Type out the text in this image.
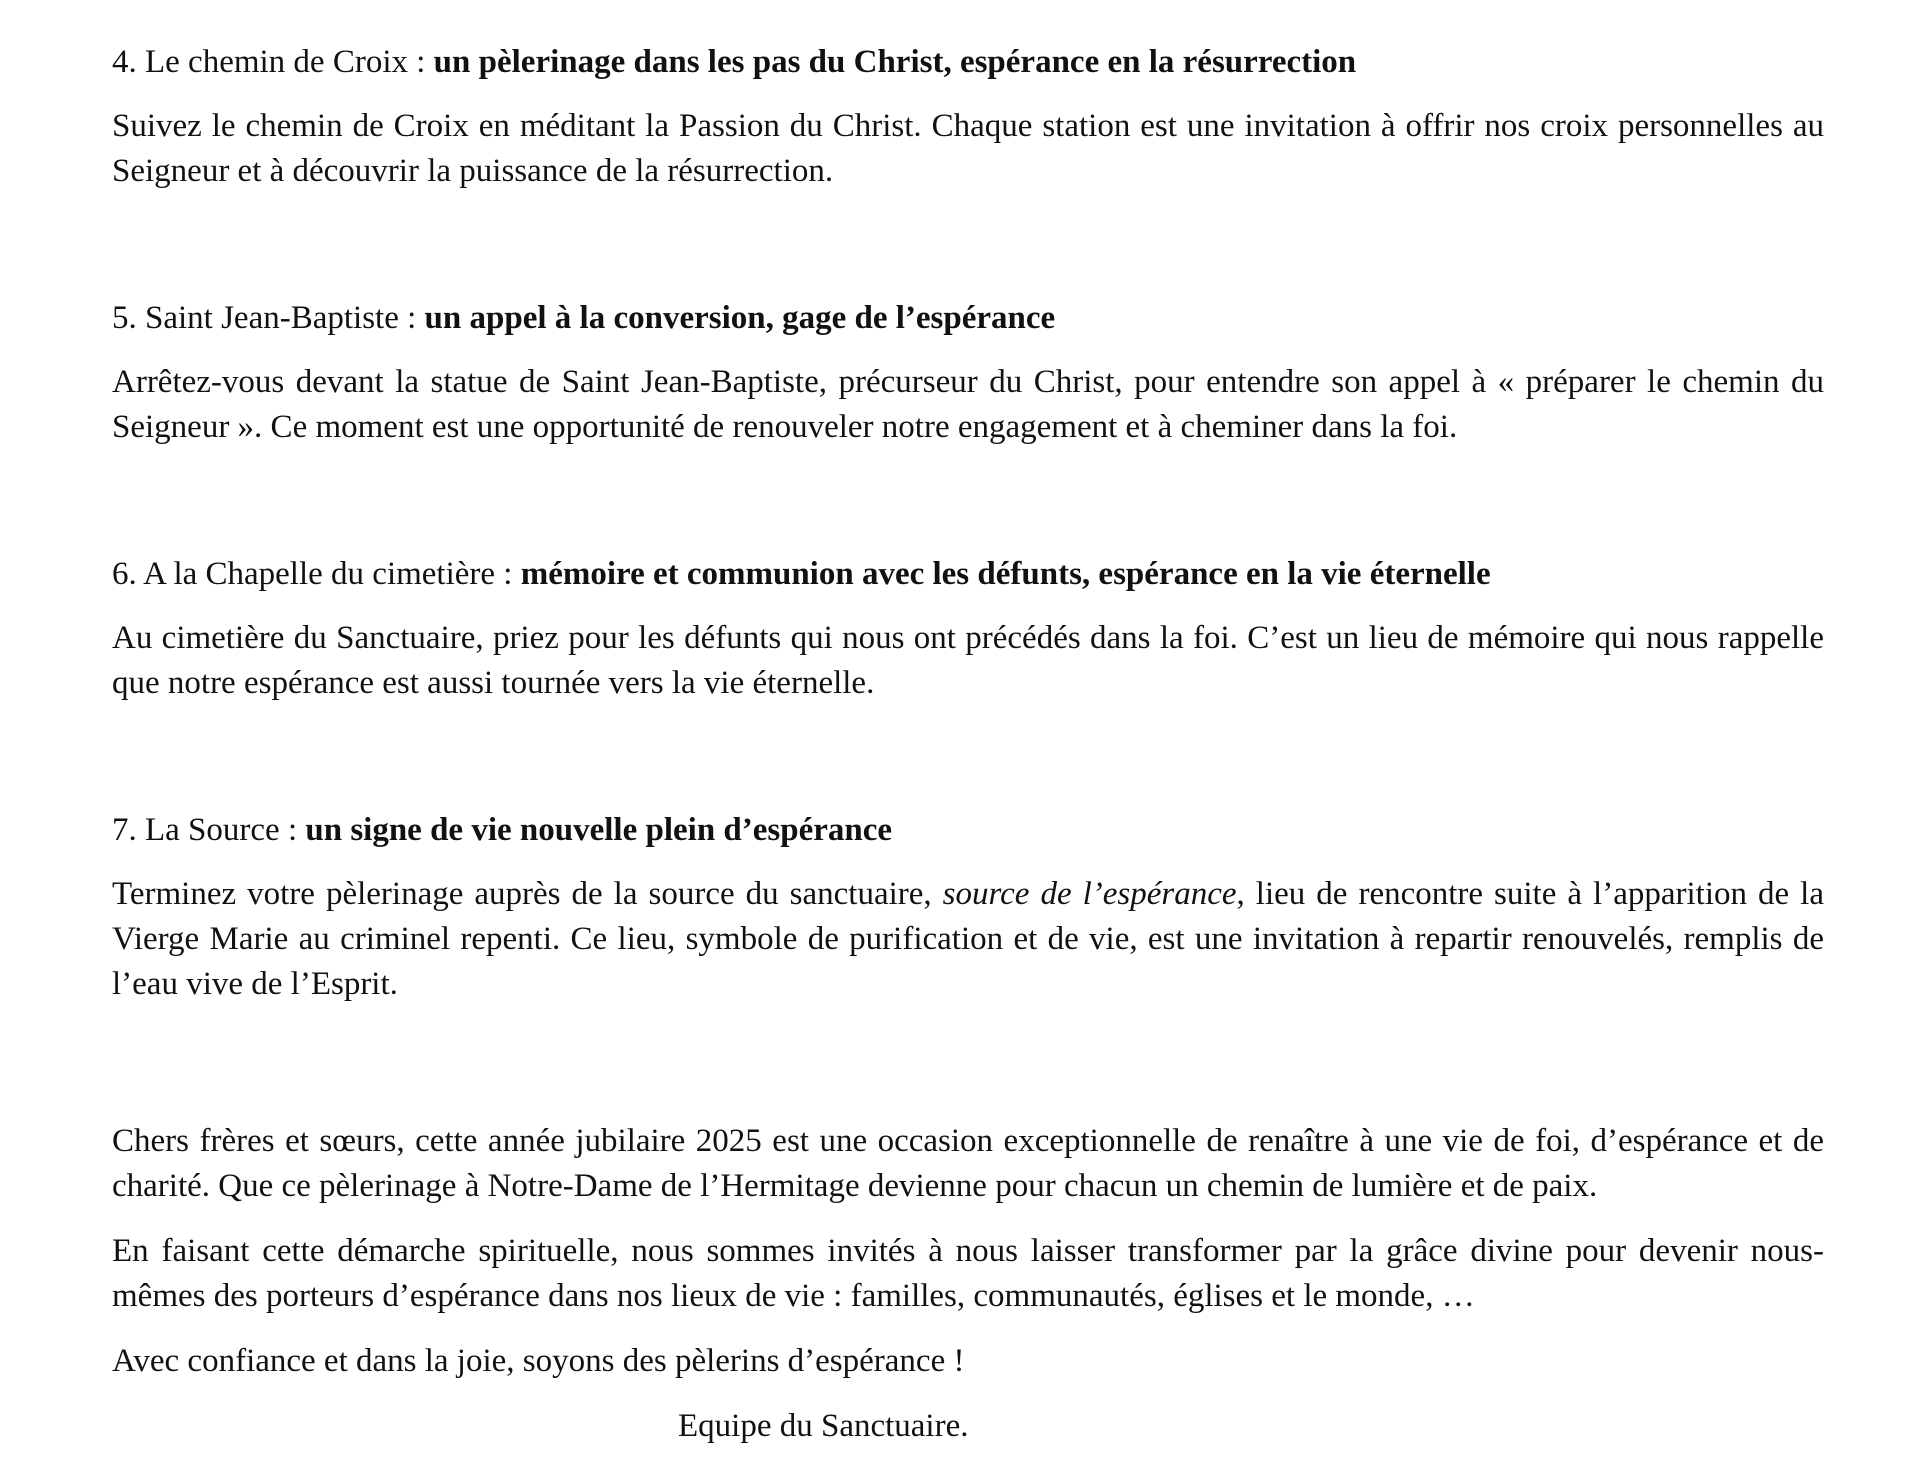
4. Le chemin de Croix : un pèlerinage dans les pas du Christ, espérance en la résurrection

Suivez le chemin de Croix en méditant la Passion du Christ. Chaque station est une invitation à offrir nos croix personnelles au Seigneur et à découvrir la puissance de la résurrection.

5. Saint Jean-Baptiste : un appel à la conversion, gage de l’espérance

Arrêtez-vous devant la statue de Saint Jean-Baptiste, précurseur du Christ, pour entendre son appel à « préparer le chemin du Seigneur ». Ce moment est une opportunité de renouveler notre engagement et à cheminer dans la foi.

6. A la Chapelle du cimetière : mémoire et communion avec les défunts, espérance en la vie éternelle

Au cimetière du Sanctuaire, priez pour les défunts qui nous ont précédés dans la foi. C’est un lieu de mémoire qui nous rappelle que notre espérance est aussi tournée vers la vie éternelle.

7. La Source : un signe de vie nouvelle plein d’espérance

Terminez votre pèlerinage auprès de la source du sanctuaire, source de l’espérance, lieu de rencontre suite à l’apparition de la Vierge Marie au criminel repenti. Ce lieu, symbole de purification et de vie, est une invitation à repartir renouvelés, remplis de l’eau vive de l’Esprit.

Chers frères et sœurs, cette année jubilaire 2025 est une occasion exceptionnelle de renaître à une vie de foi, d’espérance et de charité. Que ce pèlerinage à Notre-Dame de l’Hermitage devienne pour chacun un chemin de lumière et de paix.

En faisant cette démarche spirituelle, nous sommes invités à nous laisser transformer par la grâce divine pour devenir nous-mêmes des porteurs d’espérance dans nos lieux de vie : familles, communautés, églises et le monde, …

Avec confiance et dans la joie, soyons des pèlerins d’espérance !

Equipe du Sanctuaire.
